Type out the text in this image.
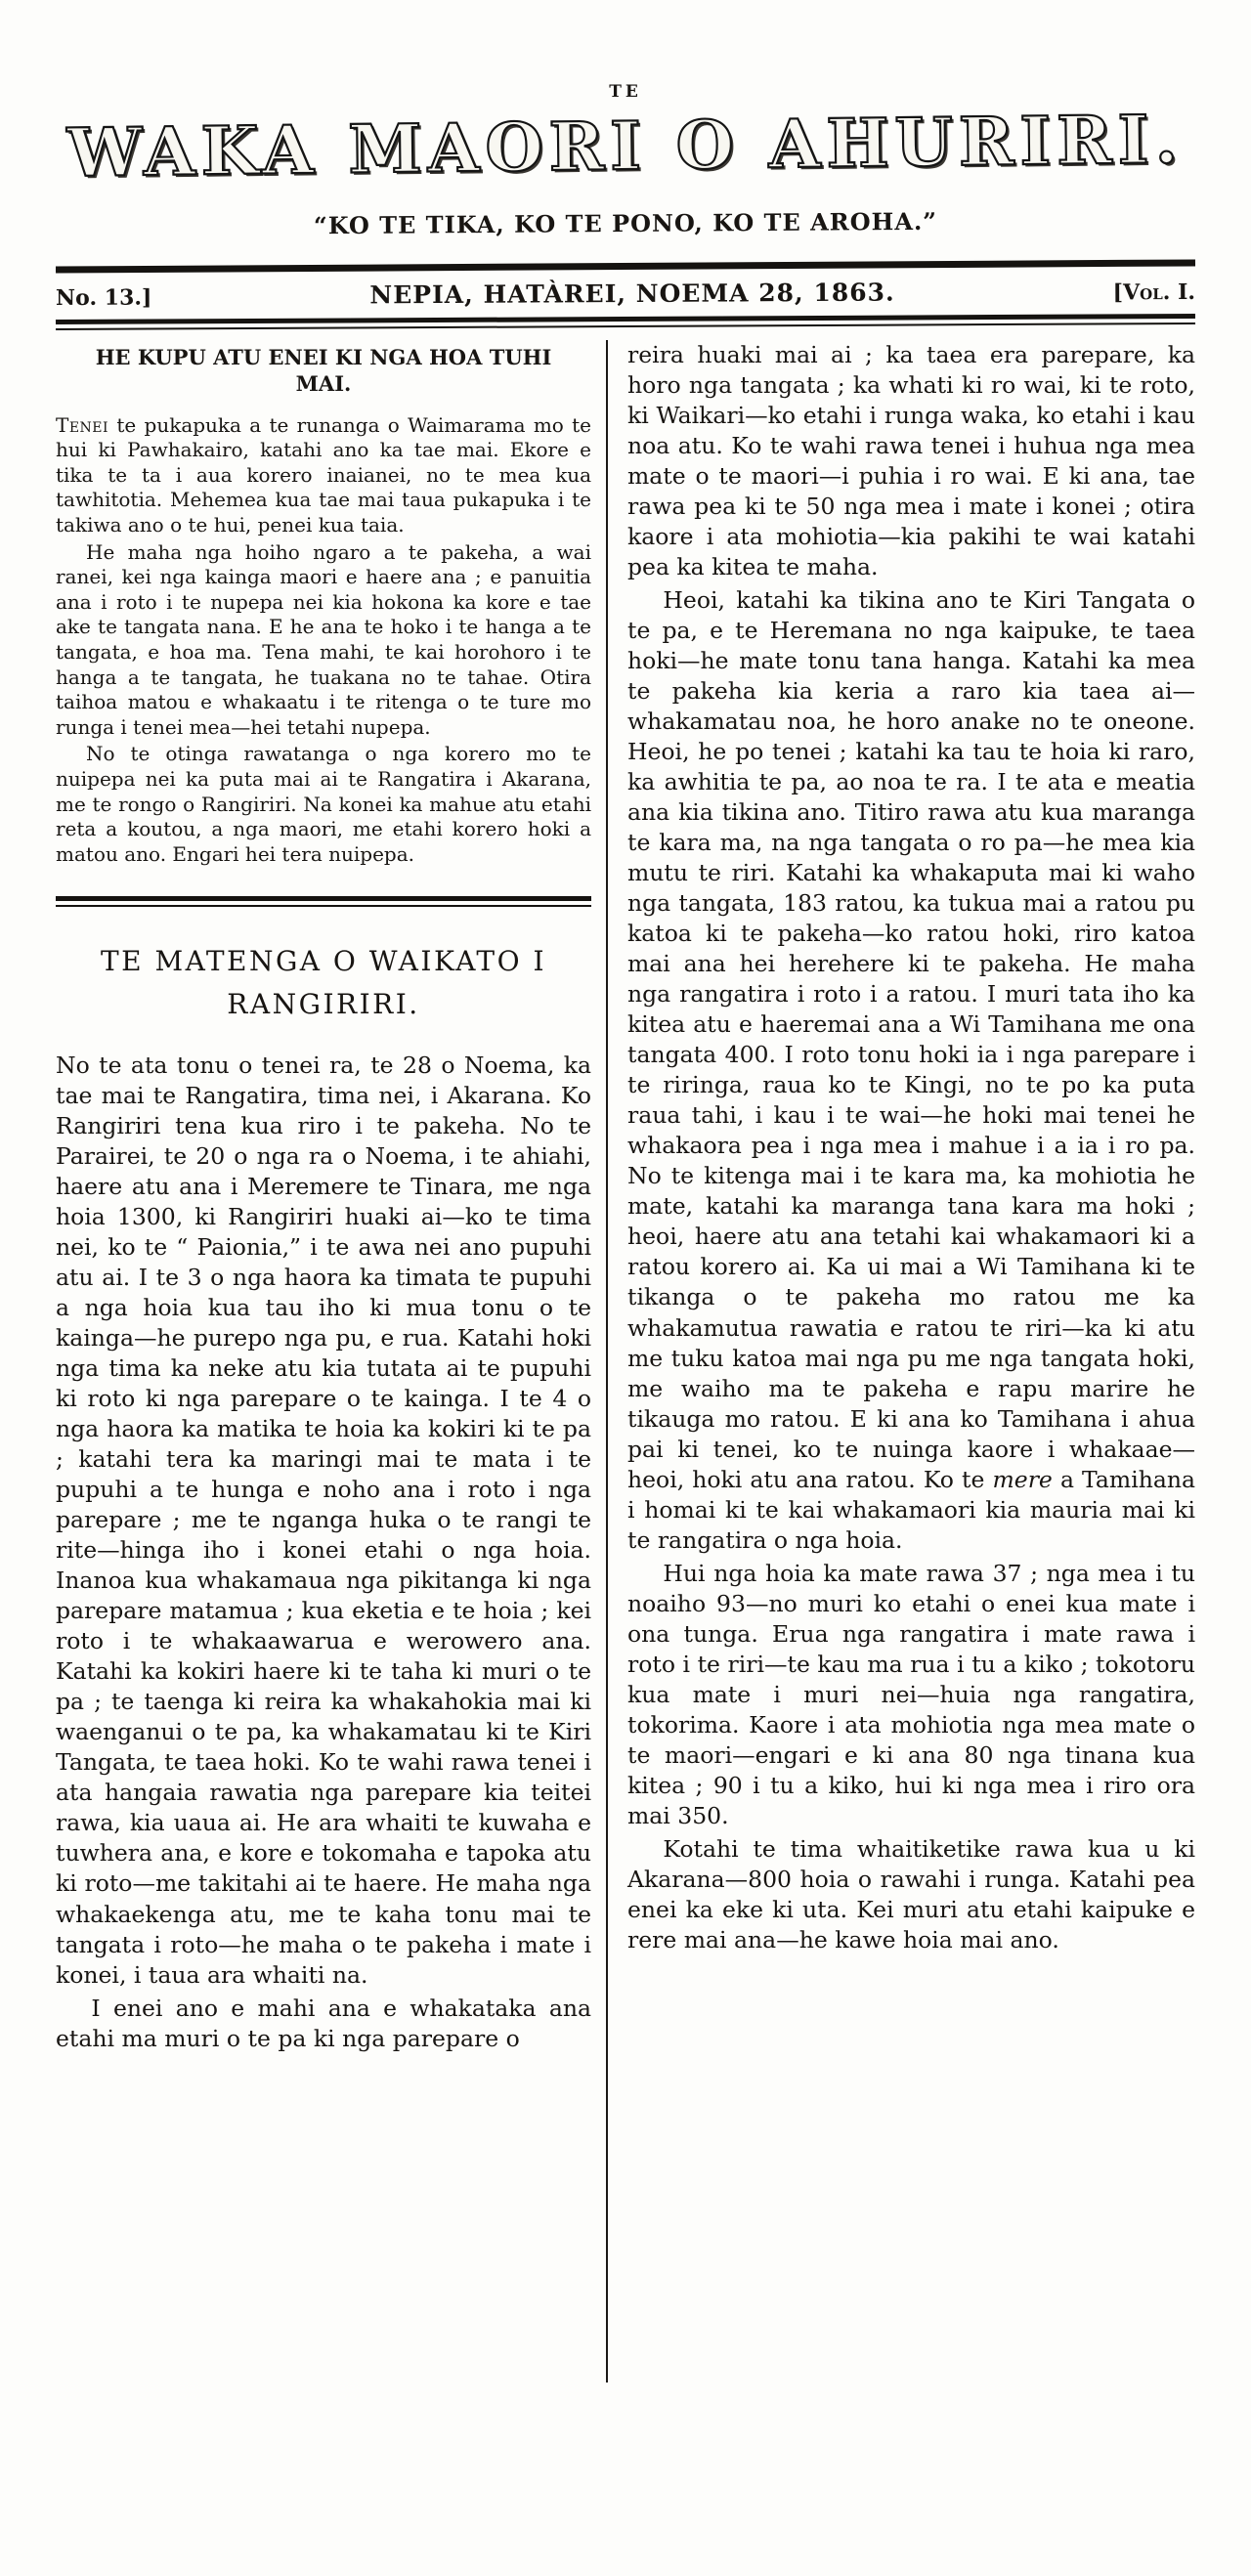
TE
WAKA MAORI O AHURIRI.
“KO TE TIKA, KO TE PONO, KO TE AROHA.”
No. 13.]	NEPIA, HATÀREI, NOEMA 28, 1863.	[Vol. I.
HE KUPU ATU ENEI KI NGA HOA TUHI MAI.

Tenei te pukapuka a te runanga o Waimarama mo te hui ki Pawhakairo, katahi ano ka tae mai. Ekore e tika te ta i aua korero inaianei, no te mea kua tawhitotia. Mehemea kua tae mai taua pukapuka i te takiwa ano o te hui, penei kua taia.

He maha nga hoiho ngaro a te pakeha, a wai ranei, kei nga kainga maori e haere ana ; e panuitia ana i roto i te nupepa nei kia hokona ka kore e tae ake te tangata nana. E he ana te hoko i te hanga a te tangata, e hoa ma. Tena mahi, te kai horohoro i te hanga a te tangata, he tuakana no te tahae. Otira taihoa matou e whakaatu i te ritenga o te ture mo runga i tenei mea—hei tetahi nupepa.

No te otinga rawatanga o nga korero mo te nuipepa nei ka puta mai ai te Rangatira i Akarana, me te rongo o Rangiriri. Na konei ka mahue atu etahi reta a koutou, a nga maori, me etahi korero hoki a matou ano. Engari hei tera nuipepa.

TE MATENGA O WAIKATO I
RANGIRIRI.

No te ata tonu o tenei ra, te 28 o Noema, ka tae mai te Rangatira, tima nei, i Akarana. Ko Rangiriri tena kua riro i te pakeha. No te Parairei, te 20 o nga ra o Noema, i te ahiahi, haere atu ana i Meremere te Tinara, me nga hoia 1300, ki Rangiriri huaki ai—ko te tima nei, ko te “ Paionia,” i te awa nei ano pupuhi atu ai. I te 3 o nga haora ka timata te pupuhi a nga hoia kua tau iho ki mua tonu o te kainga—he purepo nga pu, e rua. Katahi hoki nga tima ka neke atu kia tutata ai te pupuhi ki roto ki nga parepare o te kainga. I te 4 o nga haora ka matika te hoia ka kokiri ki te pa ; katahi tera ka maringi mai te mata i te pupuhi a te hunga e noho ana i roto i nga parepare ; me te nganga huka o te rangi te rite—hinga iho i konei etahi o nga hoia. Inanoa kua whakamaua nga pikitanga ki nga parepare matamua ; kua eketia e te hoia ; kei roto i te whakaawarua e werowero ana. Katahi ka kokiri haere ki te taha ki muri o te pa ; te taenga ki reira ka whakahokia mai ki waenganui o te pa, ka whakamatau ki te Kiri Tangata, te taea hoki. Ko te wahi rawa tenei i ata hangaia rawatia nga parepare kia teitei rawa, kia uaua ai. He ara whaiti te kuwaha e tuwhera ana, e kore e tokomaha e tapoka atu ki roto—me takitahi ai te haere. He maha nga whakaekenga atu, me te kaha tonu mai te tangata i roto—he maha o te pakeha i mate i konei, i taua ara whaiti na.

I enei ano e mahi ana e whakataka ana etahi ma muri o te pa ki nga parepare o

reira huaki mai ai ; ka taea era parepare, ka horo nga tangata ; ka whati ki ro wai, ki te roto, ki Waikari—ko etahi i runga waka, ko etahi i kau noa atu. Ko te wahi rawa tenei i huhua nga mea mate o te maori—i puhia i ro wai. E ki ana, tae rawa pea ki te 50 nga mea i mate i konei ; otira kaore i ata mohiotia—kia pakihi te wai katahi pea ka kitea te maha.

Heoi, katahi ka tikina ano te Kiri Tangata o te pa, e te Heremana no nga kaipuke, te taea hoki—he mate tonu tana hanga. Katahi ka mea te pakeha kia keria a raro kia taea ai—whakamatau noa, he horo anake no te oneone. Heoi, he po tenei ; katahi ka tau te hoia ki raro, ka awhitia te pa, ao noa te ra. I te ata e meatia ana kia tikina ano. Titiro rawa atu kua maranga te kara ma, na nga tangata o ro pa—he mea kia mutu te riri. Katahi ka whakaputa mai ki waho nga tangata, 183 ratou, ka tukua mai a ratou pu katoa ki te pakeha—ko ratou hoki, riro katoa mai ana hei herehere ki te pakeha. He maha nga rangatira i roto i a ratou. I muri tata iho ka kitea atu e haeremai ana a Wi Tamihana me ona tangata 400. I roto tonu hoki ia i nga parepare i te riringa, raua ko te Kingi, no te po ka puta raua tahi, i kau i te wai—he hoki mai tenei he whakaora pea i nga mea i mahue i a ia i ro pa. No te kitenga mai i te kara ma, ka mohiotia he mate, katahi ka maranga tana kara ma hoki ; heoi, haere atu ana tetahi kai whakamaori ki a ratou korero ai. Ka ui mai a Wi Tamihana ki te tikanga o te pakeha mo ratou me ka whakamutua rawatia e ratou te riri—ka ki atu me tuku katoa mai nga pu me nga tangata hoki, me waiho ma te pakeha e rapu marire he tikauga mo ratou. E ki ana ko Tamihana i ahua pai ki tenei, ko te nuinga kaore i whakaae—heoi, hoki atu ana ratou. Ko te mere a Tamihana i homai ki te kai whakamaori kia mauria mai ki te rangatira o nga hoia.

Hui nga hoia ka mate rawa 37 ; nga mea i tu noaiho 93—no muri ko etahi o enei kua mate i ona tunga. Erua nga rangatira i mate rawa i roto i te riri—te kau ma rua i tu a kiko ; tokotoru kua mate i muri nei—huia nga rangatira, tokorima. Kaore i ata mohiotia nga mea mate o te maori—engari e ki ana 80 nga tinana kua kitea ; 90 i tu a kiko, hui ki nga mea i riro ora mai 350.

Kotahi te tima whaitiketike rawa kua u ki Akarana—800 hoia o rawahi i runga. Katahi pea enei ka eke ki uta. Kei muri atu etahi kaipuke e rere mai ana—he kawe hoia mai ano.
